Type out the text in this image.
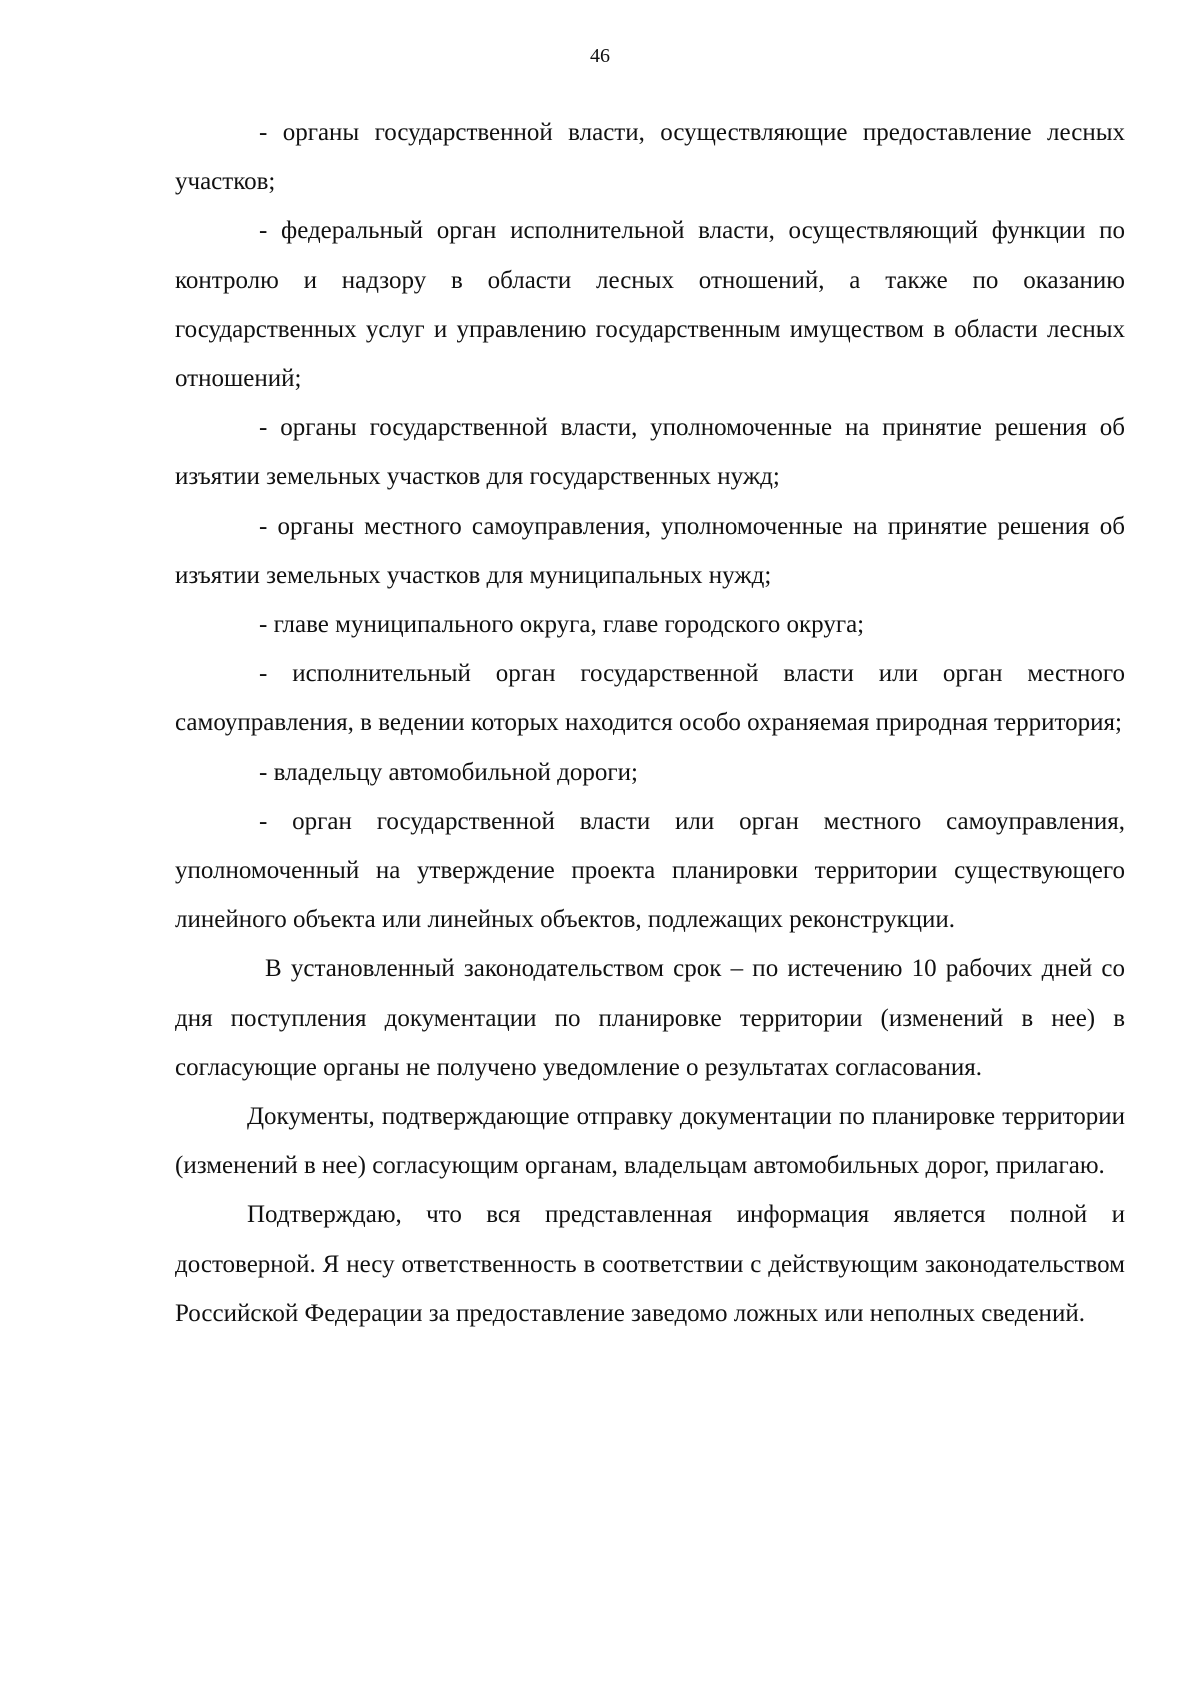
46

- органы государственной власти, осуществляющие предоставление лесных участков;

- федеральный орган исполнительной власти, осуществляющий функции по контролю и надзору в области лесных отношений, а также по оказанию государственных услуг и управлению государственным имуществом в области лесных отношений;

- органы государственной власти, уполномоченные на принятие решения об изъятии земельных участков для государственных нужд;

- органы местного самоуправления, уполномоченные на принятие решения об изъятии земельных участков для муниципальных нужд;

- главе муниципального округа, главе городского округа;

- исполнительный орган государственной власти или орган местного самоуправления, в ведении которых находится особо охраняемая природная территория;

- владельцу автомобильной дороги;

- орган государственной власти или орган местного самоуправления, уполномоченный на утверждение проекта планировки территории существующего линейного объекта или линейных объектов, подлежащих реконструкции.

В установленный законодательством срок – по истечению 10 рабочих дней со дня поступления документации по планировке территории (изменений в нее) в согласующие органы не получено уведомление о результатах согласования.

Документы, подтверждающие отправку документации по планировке территории (изменений в нее) согласующим органам, владельцам автомобильных дорог, прилагаю.

Подтверждаю, что вся представленная информация является полной и достоверной. Я несу ответственность в соответствии с действующим законодательством Российской Федерации за предоставление заведомо ложных или неполных сведений.
